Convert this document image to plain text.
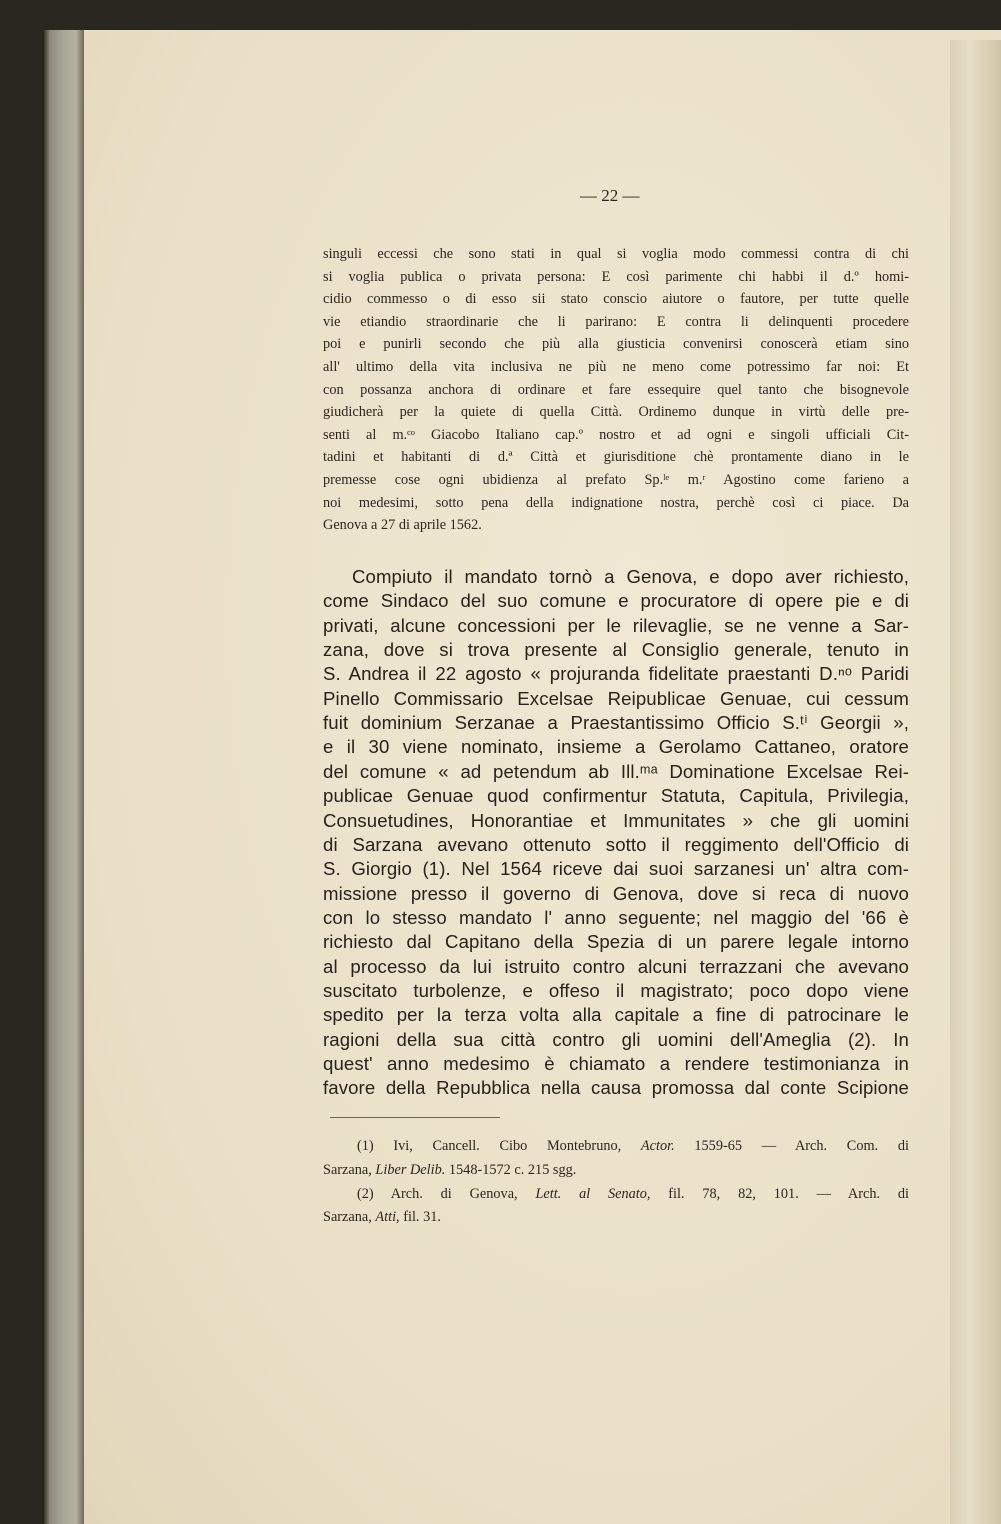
— 22 —
singuli eccessi che sono stati in qual si voglia modo commessi contra di chi
si voglia publica o privata persona: E così parimente chi habbi il d.º homi-
cidio commesso o di esso sii stato conscio aiutore o fautore, per tutte quelle
vie etiandio straordinarie che li parirano: E contra li delinquenti procedere
poi e punirli secondo che più alla giusticia convenirsi conoscerà etiam sino
all' ultimo della vita inclusiva ne più ne meno come potressimo far noi: Et
con possanza anchora di ordinare et fare essequire quel tanto che bisognevole
giudicherà per la quiete di quella Città. Ordinemo dunque in virtù delle pre-
senti al m.ᶜᵒ Giacobo Italiano cap.º nostro et ad ogni e singoli ufficiali Cit-
tadini et habitanti di d.ª Città et giurisditione chè prontamente diano in le
premesse cose ogni ubidienza al prefato Sp.ˡᵉ m.ʳ Agostino come farieno a
noi medesimi, sotto pena della indignatione nostra, perchè così ci piace. Da
Genova a 27 di aprile 1562.
Compiuto il mandato tornò a Genova, e dopo aver richiesto,
come Sindaco del suo comune e procuratore di opere pie e di
privati, alcune concessioni per le rilevaglie, se ne venne a Sar-
zana, dove si trova presente al Consiglio generale, tenuto in
S. Andrea il 22 agosto « projuranda fidelitate praestanti D.ⁿᵒ Paridi
Pinello Commissario Excelsae Reipublicae Genuae, cui cessum
fuit dominium Serzanae a Praestantissimo Officio S.ᵗⁱ Georgii »,
e il 30 viene nominato, insieme a Gerolamo Cattaneo, oratore
del comune « ad petendum ab Ill.ᵐᵃ Dominatione Excelsae Rei-
publicae Genuae quod confirmentur Statuta, Capitula, Privilegia,
Consuetudines, Honorantiae et Immunitates » che gli uomini
di Sarzana avevano ottenuto sotto il reggimento dell'Officio di
S. Giorgio (1). Nel 1564 riceve dai suoi sarzanesi un' altra com-
missione presso il governo di Genova, dove si reca di nuovo
con lo stesso mandato l' anno seguente; nel maggio del '66 è
richiesto dal Capitano della Spezia di un parere legale intorno
al processo da lui istruito contro alcuni terrazzani che avevano
suscitato turbolenze, e offeso il magistrato; poco dopo viene
spedito per la terza volta alla capitale a fine di patrocinare le
ragioni della sua città contro gli uomini dell'Ameglia (2). In
quest' anno medesimo è chiamato a rendere testimonianza in
favore della Repubblica nella causa promossa dal conte Scipione
(1) Ivi, Cancell. Cibo Montebruno, Actor. 1559-65 — Arch. Com. di
Sarzana, Liber Delib. 1548-1572 c. 215 sgg.
(2) Arch. di Genova, Lett. al Senato, fil. 78, 82, 101. — Arch. di
Sarzana, Atti, fil. 31.
